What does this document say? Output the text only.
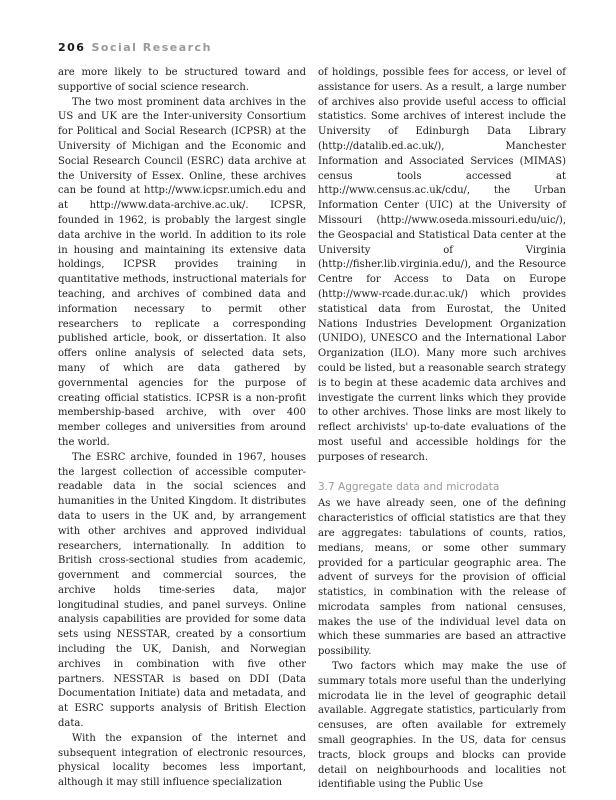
206 Social Research

are more likely to be structured toward and supportive of social science research.

The two most prominent data archives in the US and UK are the Inter-university Consortium for Political and Social Research (ICPSR) at the University of Michigan and the Economic and Social Research Council (ESRC) data archive at the University of Essex. Online, these archives can be found at http://www.icpsr.umich.edu and at http://www.data-archive.ac.uk/. ICPSR, founded in 1962, is probably the largest single data archive in the world. In addition to its role in housing and maintaining its extensive data holdings, ICPSR provides training in quantitative methods, instructional materials for teaching, and archives of combined data and information necessary to permit other researchers to replicate a corresponding published article, book, or dissertation. It also offers online analysis of selected data sets, many of which are data gathered by governmental agencies for the purpose of creating official statistics. ICPSR is a non-profit membership-based archive, with over 400 member colleges and universities from around the world.

The ESRC archive, founded in 1967, houses the largest collection of accessible computer-readable data in the social sciences and humanities in the United Kingdom. It distributes data to users in the UK and, by arrangement with other archives and approved individual researchers, internationally. In addition to British cross-sectional studies from academic, government and commercial sources, the archive holds time-series data, major longitudinal studies, and panel surveys. Online analysis capabilities are provided for some data sets using NESSTAR, created by a consortium including the UK, Danish, and Norwegian archives in combination with five other partners. NESSTAR is based on DDI (Data Documentation Initiate) data and metadata, and at ESRC supports analysis of British Election data.

With the expansion of the internet and subsequent integration of electronic resources, physical locality becomes less important, although it may still influence specialization

of holdings, possible fees for access, or level of assistance for users. As a result, a large number of archives also provide useful access to official statistics. Some archives of interest include the University of Edinburgh Data Library (http://datalib.ed.ac.uk/), Manchester Information and Associated Services (MIMAS) census tools accessed at http://www.census.ac.uk/cdu/, the Urban Information Center (UIC) at the University of Missouri (http://www.oseda.missouri.edu/uic/), the Geospacial and Statistical Data center at the University of Virginia (http://fisher.lib.virginia.edu/), and the Resource Centre for Access to Data on Europe (http://www-rcade.dur.ac.uk/) which provides statistical data from Eurostat, the United Nations Industries Development Organization (UNIDO), UNESCO and the International Labor Organization (ILO). Many more such archives could be listed, but a reasonable search strategy is to begin at these academic data archives and investigate the current links which they provide to other archives. Those links are most likely to reflect archivists' up-to-date evaluations of the most useful and accessible holdings for the purposes of research.

3.7 Aggregate data and microdata

As we have already seen, one of the defining characteristics of official statistics are that they are aggregates: tabulations of counts, ratios, medians, means, or some other summary provided for a particular geographic area. The advent of surveys for the provision of official statistics, in combination with the release of microdata samples from national censuses, makes the use of the individual level data on which these summaries are based an attractive possibility.

Two factors which may make the use of summary totals more useful than the underlying microdata lie in the level of geographic detail available. Aggregate statistics, particularly from censuses, are often available for extremely small geographies. In the US, data for census tracts, block groups and blocks can provide detail on neighbourhoods and localities not identifiable using the Public Use
